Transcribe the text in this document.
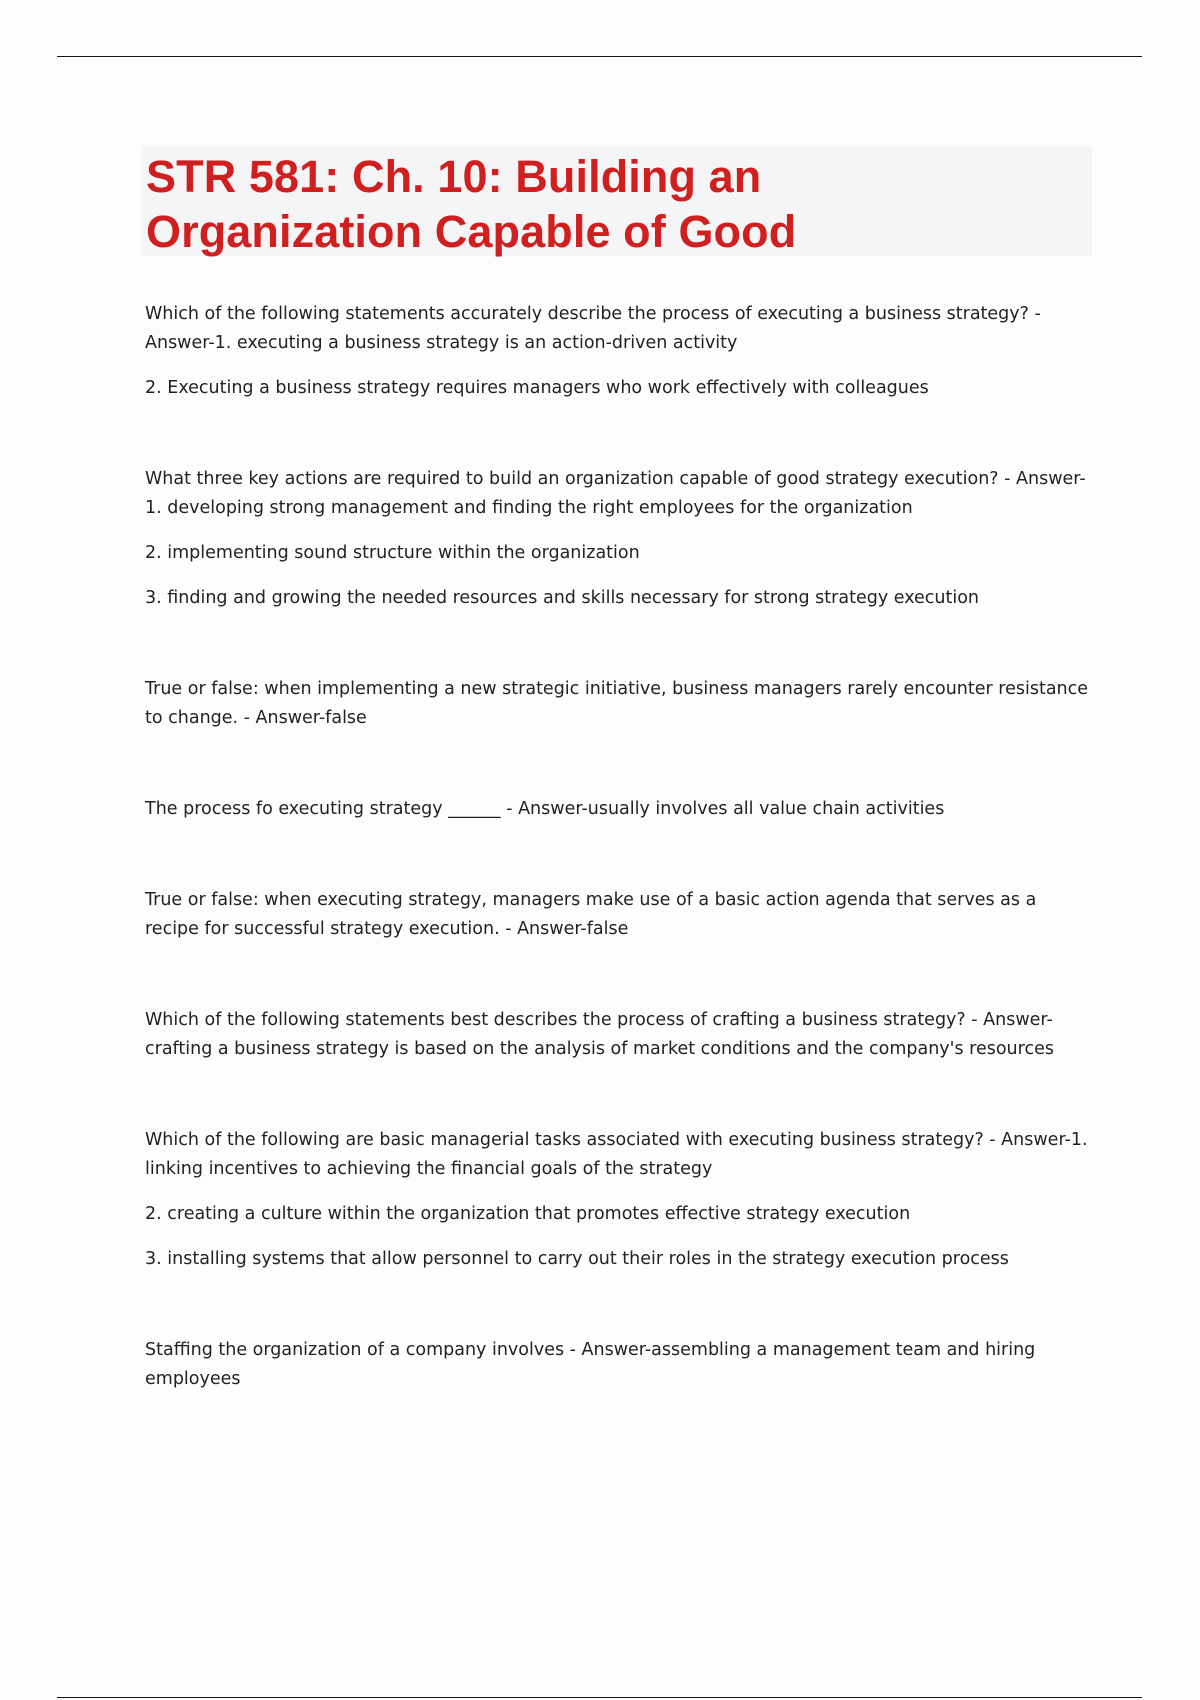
STR 581: Ch. 10: Building an
Organization Capable of Good

Which of the following statements accurately describe the process of executing a business strategy? - Answer-1. executing a business strategy is an action-driven activity

2. Executing a business strategy requires managers who work effectively with colleagues

What three key actions are required to build an organization capable of good strategy execution? - Answer-1. developing strong management and finding the right employees for the organization

2. implementing sound structure within the organization

3. finding and growing the needed resources and skills necessary for strong strategy execution

True or false: when implementing a new strategic initiative, business managers rarely encounter resistance to change. - Answer-false

The process fo executing strategy ______ - Answer-usually involves all value chain activities

True or false: when executing strategy, managers make use of a basic action agenda that serves as a recipe for successful strategy execution. - Answer-false

Which of the following statements best describes the process of crafting a business strategy? - Answer-crafting a business strategy is based on the analysis of market conditions and the company's resources

Which of the following are basic managerial tasks associated with executing business strategy? - Answer-1. linking incentives to achieving the financial goals of the strategy

2. creating a culture within the organization that promotes effective strategy execution

3. installing systems that allow personnel to carry out their roles in the strategy execution process

Staffing the organization of a company involves - Answer-assembling a management team and hiring employees
